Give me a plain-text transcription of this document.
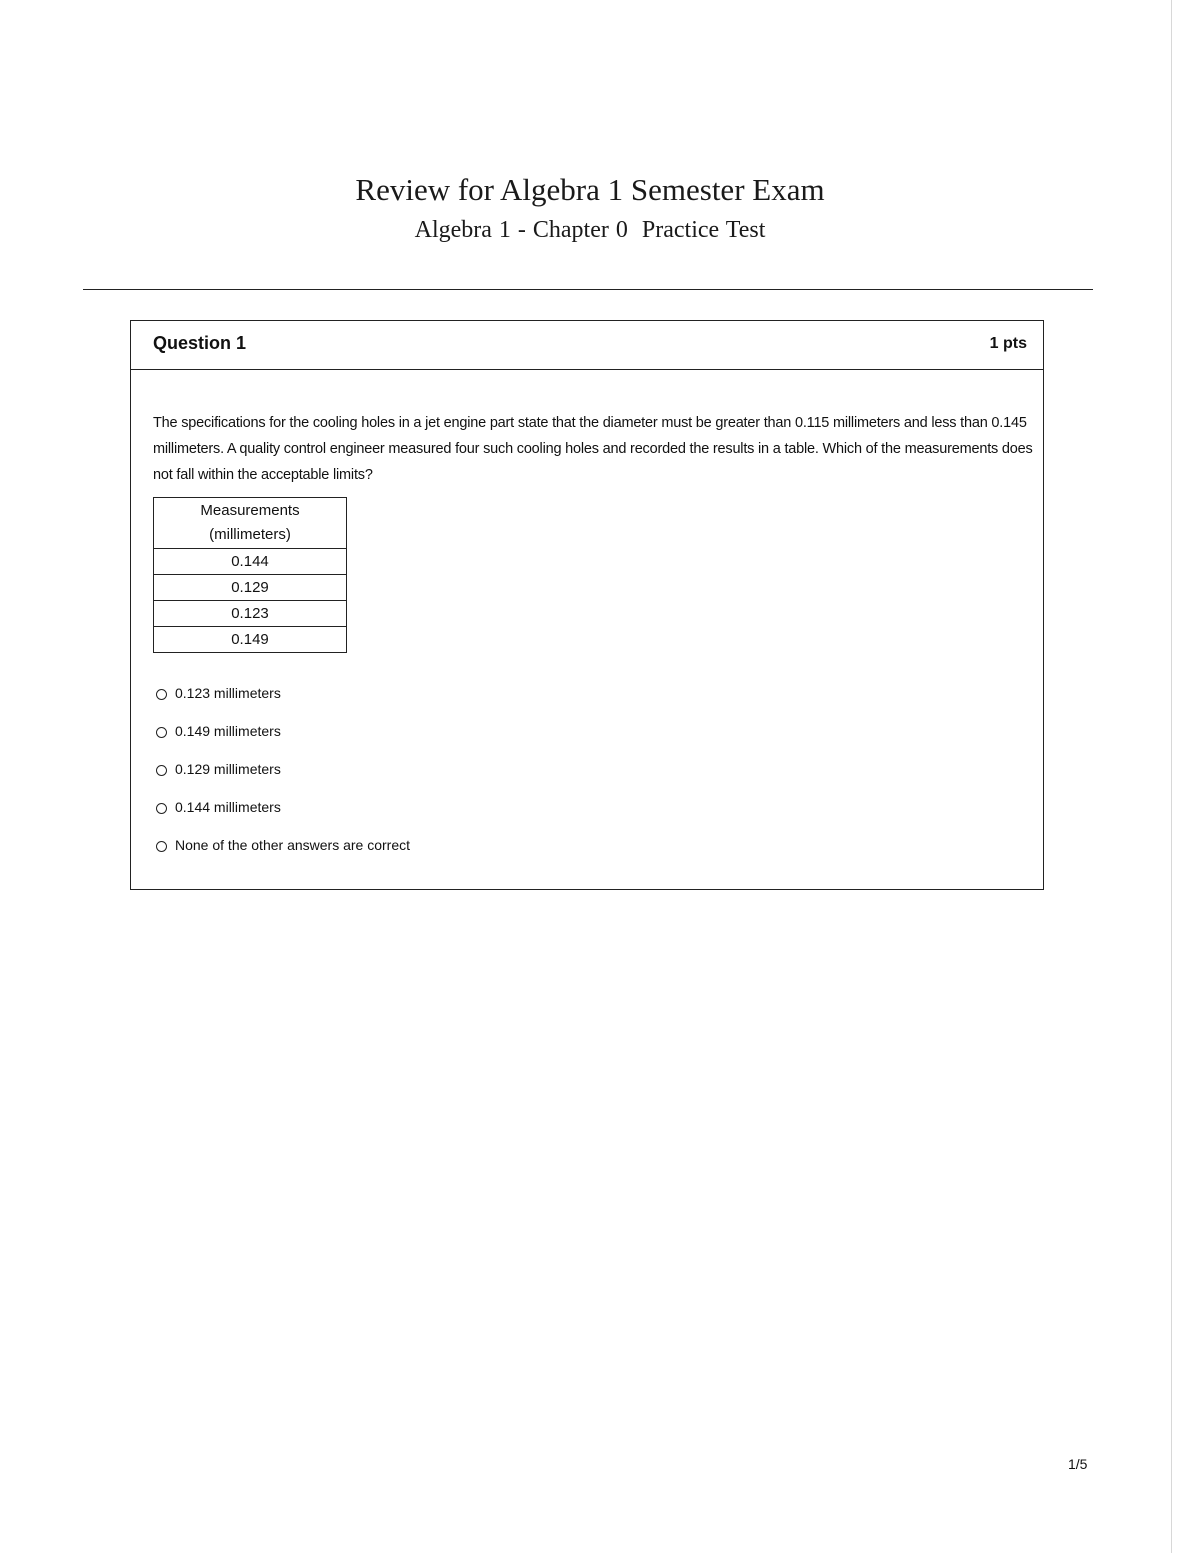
Review for Algebra 1 Semester Exam
Algebra 1 - Chapter 0 Practice Test
Question 1	1 pts
The specifications for the cooling holes in a jet engine part state that the diameter must be greater than 0.115 millimeters and less than 0.145 millimeters. A quality control engineer measured four such cooling holes and recorded the results in a table. Which of the measurements does not fall within the acceptable limits?
Measurements
(millimeters)
0.144
0.129
0.123
0.149
0.123 millimeters
0.149 millimeters
0.129 millimeters
0.144 millimeters
None of the other answers are correct
1/5
